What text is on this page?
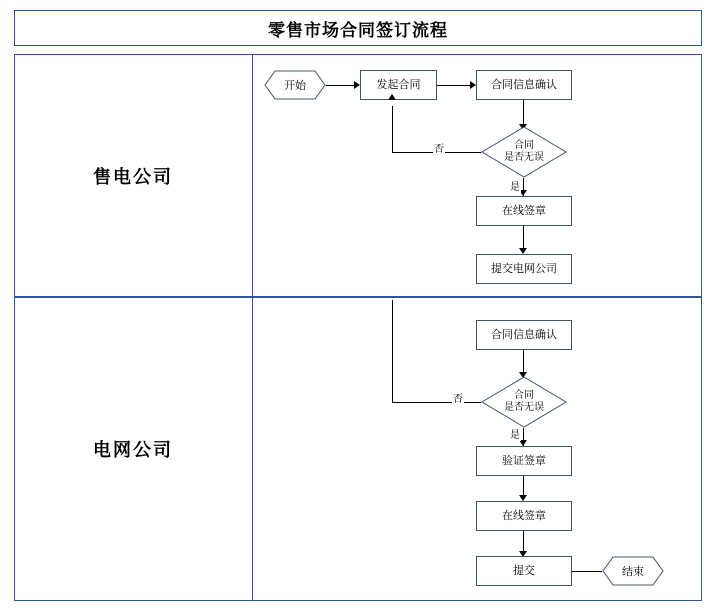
零售市场合同签订流程
售电公司
电网公司
开始	发起合同	合同信息确认
合同
是否无误
否
是
在线签章
提交电网公司
合同信息确认
合同
是否无误
否
是
验证签章
在线签章
提交	结束
